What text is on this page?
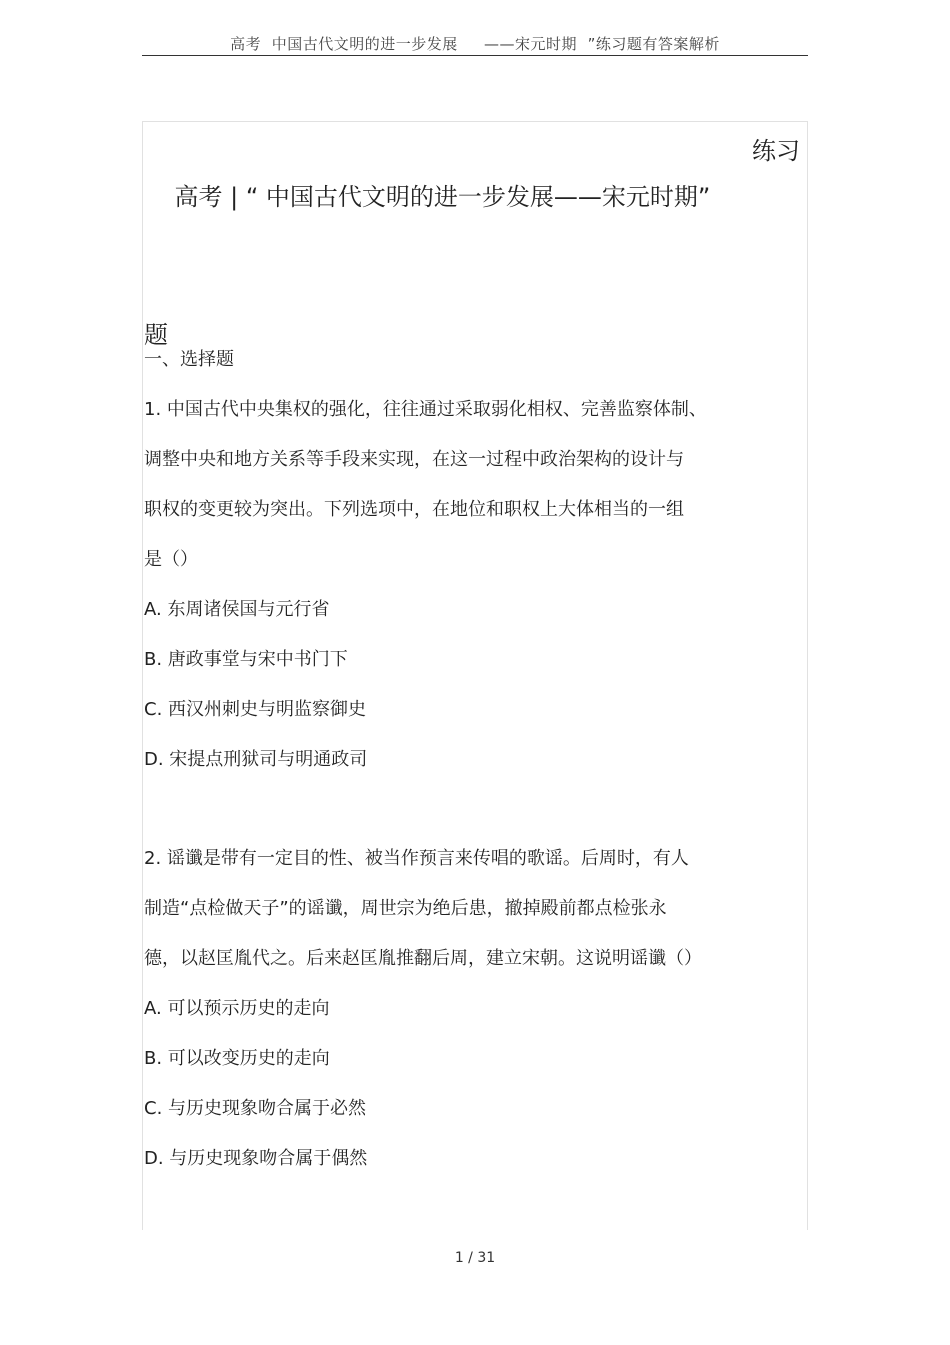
高考  中国古代文明的进一步发展     ——宋元时期  ”练习题有答案解析

高考 | “ 中国古代文明的进一步发展——宋元时期”

练习

题
一、选择题
1. 中国古代中央集权的强化，往往通过采取弱化相权、完善监察体制、
调整中央和地方关系等手段来实现，在这一过程中政治架构的设计与
职权的变更较为突出。下列选项中，在地位和职权上大体相当的一组
是（）
A. 东周诸侯国与元行省
B. 唐政事堂与宋中书门下
C. 西汉州刺史与明监察御史
D. 宋提点刑狱司与明通政司
2. 谣谶是带有一定目的性、被当作预言来传唱的歌谣。后周时，有人
制造“点检做天子”的谣谶，周世宗为绝后患，撤掉殿前都点检张永
德，以赵匡胤代之。后来赵匡胤推翻后周，建立宋朝。这说明谣谶（）
A. 可以预示历史的走向
B. 可以改变历史的走向
C. 与历史现象吻合属于必然
D. 与历史现象吻合属于偶然
1 / 31
